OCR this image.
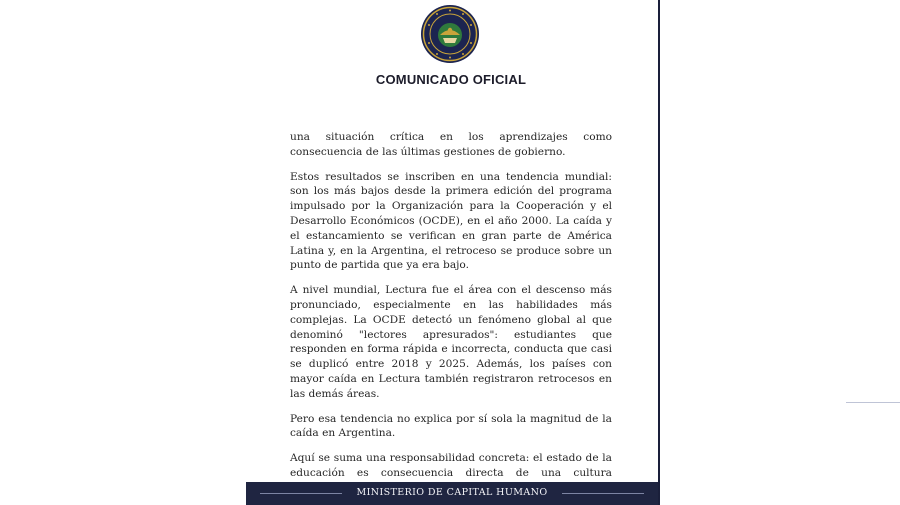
COMUNICADO OFICIAL

una situación crítica en los aprendizajes como consecuencia de las últimas gestiones de gobierno.

Estos resultados se inscriben en una tendencia mundial: son los más bajos desde la primera edición del programa impulsado por la Organización para la Cooperación y el Desarrollo Económicos (OCDE), en el año 2000. La caída y el estancamiento se verifican en gran parte de América Latina y, en la Argentina, el retroceso se produce sobre un punto de partida que ya era bajo.

A nivel mundial, Lectura fue el área con el descenso más pronunciado, especialmente en las habilidades más complejas. La OCDE detectó un fenómeno global al que denominó "lectores apresurados": estudiantes que responden en forma rápida e incorrecta, conducta que casi se duplicó entre 2018 y 2025. Además, los países con mayor caída en Lectura también registraron retrocesos en las demás áreas.

Pero esa tendencia no explica por sí sola la magnitud de la caída en Argentina.

Aquí se suma una responsabilidad concreta: el estado de la educación es consecuencia directa de una cultura

MINISTERIO DE CAPITAL HUMANO
